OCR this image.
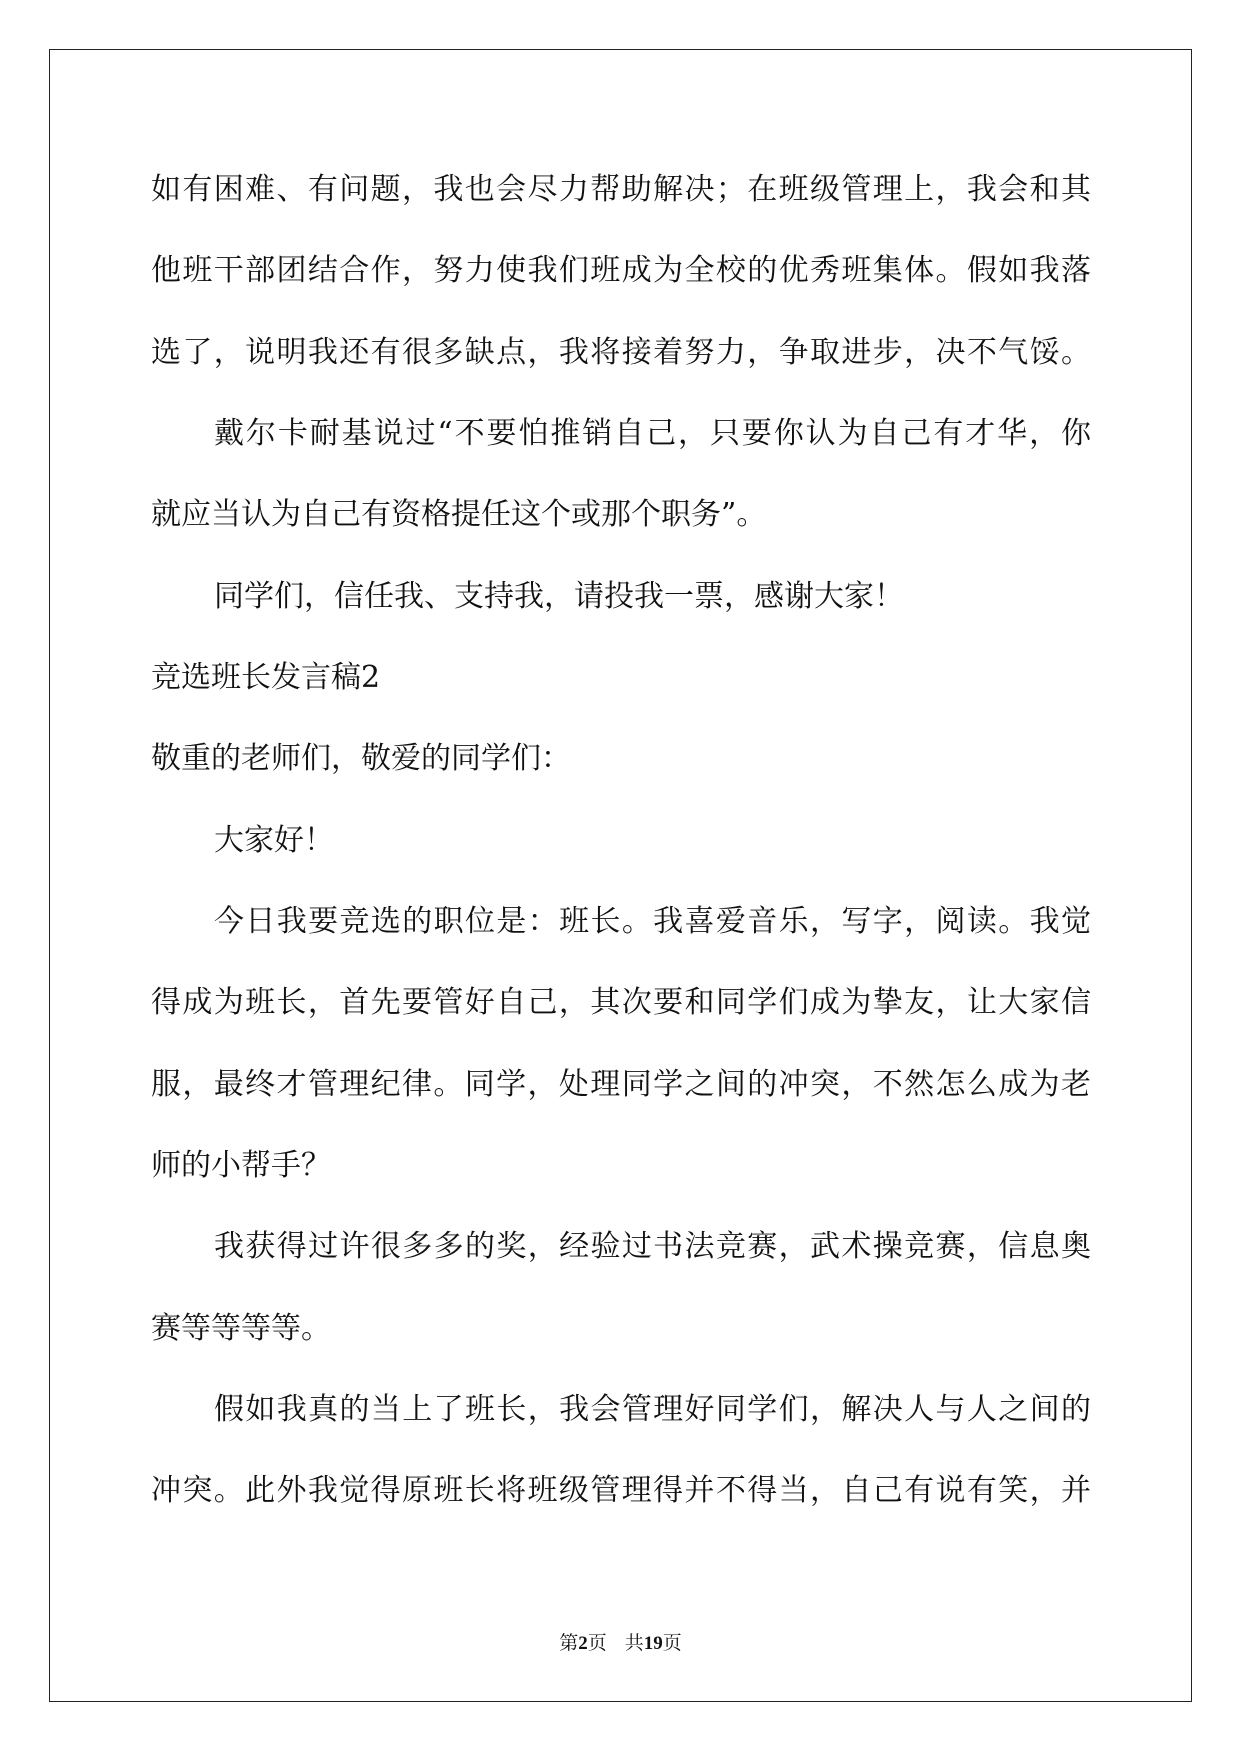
如有困难、有问题，我也会尽力帮助解决；在班级管理上，我会和其
他班干部团结合作，努力使我们班成为全校的优秀班集体。假如我落
选了，说明我还有很多缺点，我将接着努力，争取进步，决不气馁。
戴尔卡耐基说过“不要怕推销自己，只要你认为自己有才华，你
就应当认为自己有资格提任这个或那个职务”。
同学们，信任我、支持我，请投我一票，感谢大家！
竞选班长发言稿2
敬重的老师们，敬爱的同学们：
大家好！
今日我要竞选的职位是：班长。我喜爱音乐，写字，阅读。我觉
得成为班长，首先要管好自己，其次要和同学们成为挚友，让大家信
服，最终才管理纪律。同学，处理同学之间的冲突，不然怎么成为老
师的小帮手？
我获得过许很多多的奖，经验过书法竞赛，武术操竞赛，信息奥
赛等等等等。
假如我真的当上了班长，我会管理好同学们，解决人与人之间的
冲突。此外我觉得原班长将班级管理得并不得当，自己有说有笑，并
第2页 共19页
